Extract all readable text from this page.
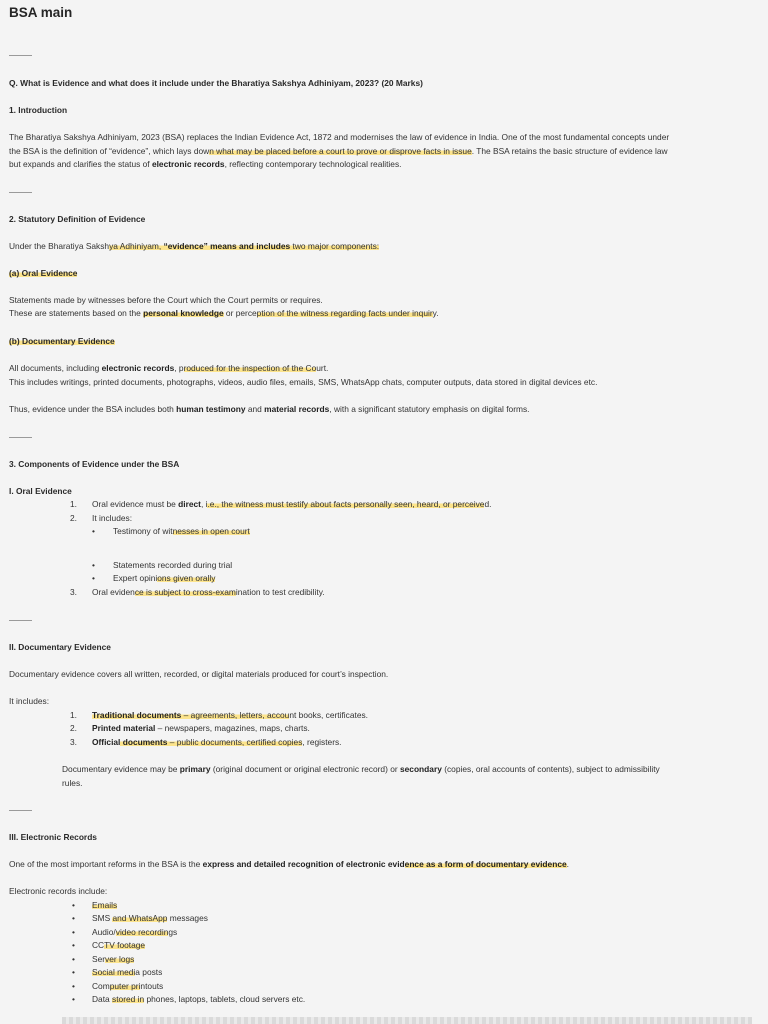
BSA main
Q. What is Evidence and what does it include under the Bharatiya Sakshya Adhiniyam, 2023? (20 Marks)
1. Introduction
The Bharatiya Sakshya Adhiniyam, 2023 (BSA) replaces the Indian Evidence Act, 1872 and modernises the law of evidence in India. One of the most fundamental concepts under
the BSA is the definition of “evidence”, which lays down what may be placed before a court to prove or disprove facts in issue. The BSA retains the basic structure of evidence law
but expands and clarifies the status of electronic records, reflecting contemporary technological realities.
2. Statutory Definition of Evidence
Under the Bharatiya Sakshya Adhiniyam, “evidence” means and includes two major components:
(a) Oral Evidence
Statements made by witnesses before the Court which the Court permits or requires.
These are statements based on the personal knowledge or perception of the witness regarding facts under inquiry.
(b) Documentary Evidence
All documents, including electronic records, produced for the inspection of the Court.
This includes writings, printed documents, photographs, videos, audio files, emails, SMS, WhatsApp chats, computer outputs, data stored in digital devices etc.
Thus, evidence under the BSA includes both human testimony and material records, with a significant statutory emphasis on digital forms.
3. Components of Evidence under the BSA
I. Oral Evidence
1. Oral evidence must be direct, i.e., the witness must testify about facts personally seen, heard, or perceived.
2. It includes:
• Testimony of witnesses in open court
• Statements recorded during trial
• Expert opinions given orally
3. Oral evidence is subject to cross-examination to test credibility.
II. Documentary Evidence
Documentary evidence covers all written, recorded, or digital materials produced for court’s inspection.
It includes:
1. Traditional documents – agreements, letters, account books, certificates.
2. Printed material – newspapers, magazines, maps, charts.
3. Official documents – public documents, certified copies, registers.
Documentary evidence may be primary (original document or original electronic record) or secondary (copies, oral accounts of contents), subject to admissibility
rules.
III. Electronic Records
One of the most important reforms in the BSA is the express and detailed recognition of electronic evidence as a form of documentary evidence.
Electronic records include:
• Emails
• SMS and WhatsApp messages
• Audio/video recordings
• CCTV footage
• Server logs
• Social media posts
• Computer printouts
• Data stored in phones, laptops, tablets, cloud servers etc.
